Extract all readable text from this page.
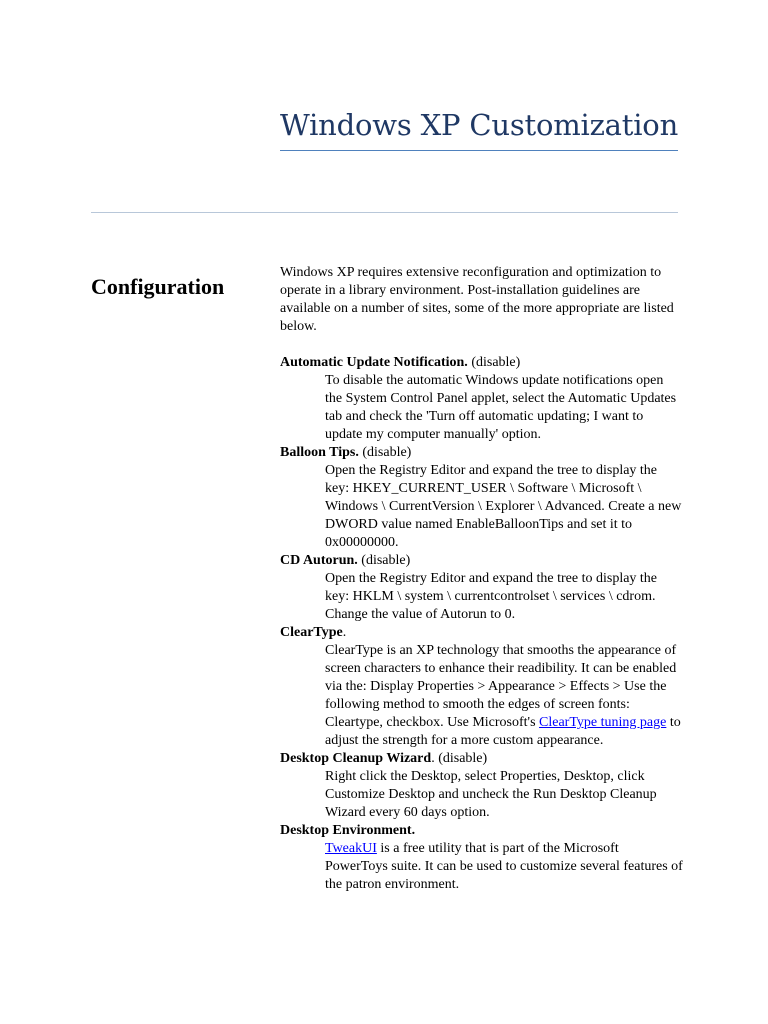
Windows XP Customization
Configuration

Windows XP requires extensive reconfiguration and optimization to operate in a library environment. Post-installation guidelines are available on a number of sites, some of the more appropriate are listed below.

Automatic Update Notification. (disable)

To disable the automatic Windows update notifications open the System Control Panel applet, select the Automatic Updates tab and check the 'Turn off automatic updating; I want to update my computer manually' option.

Balloon Tips. (disable)

Open the Registry Editor and expand the tree to display the key: HKEY_CURRENT_USER \ Software \ Microsoft \ Windows \ CurrentVersion \ Explorer \ Advanced. Create a new DWORD value named EnableBalloonTips and set it to 0x00000000.

CD Autorun. (disable)

Open the Registry Editor and expand the tree to display the key: HKLM \ system \ currentcontrolset \ services \ cdrom. Change the value of Autorun to 0.

ClearType.

ClearType is an XP technology that smooths the appearance of screen characters to enhance their readibility. It can be enabled via the: Display Properties > Appearance > Effects > Use the following method to smooth the edges of screen fonts: Cleartype, checkbox. Use Microsoft's ClearType tuning page to adjust the strength for a more custom appearance.

Desktop Cleanup Wizard. (disable)

Right click the Desktop, select Properties, Desktop, click Customize Desktop and uncheck the Run Desktop Cleanup Wizard every 60 days option.

Desktop Environment.

TweakUI is a free utility that is part of the Microsoft PowerToys suite. It can be used to customize several features of the patron environment.
